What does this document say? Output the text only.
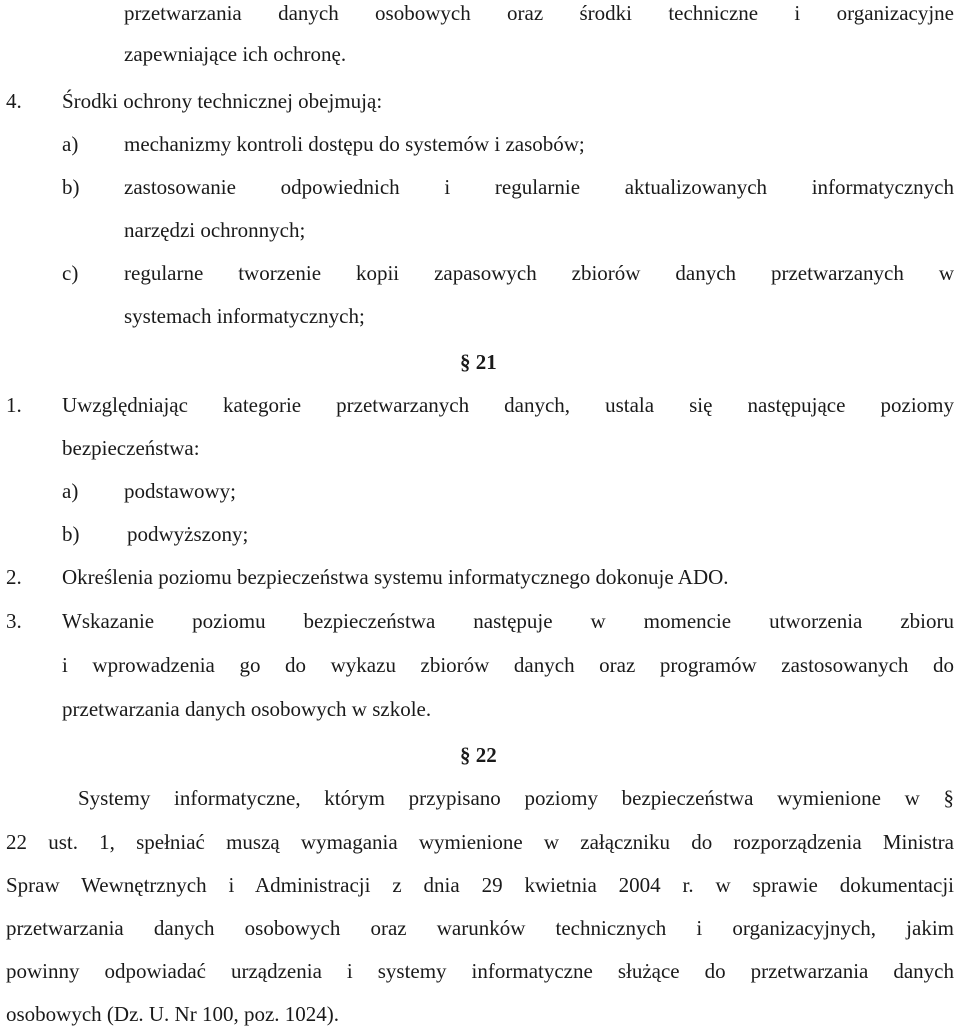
przetwarzania danych osobowych oraz środki techniczne i organizacyjne
zapewniające ich ochronę.
4. Środki ochrony technicznej obejmują:
a) mechanizmy kontroli dostępu do systemów i zasobów;
b) zastosowanie odpowiednich i regularnie aktualizowanych informatycznych
narzędzi ochronnych;
c) regularne tworzenie kopii zapasowych zbiorów danych przetwarzanych w
systemach informatycznych;
§ 21
1. Uwzględniając kategorie przetwarzanych danych, ustala się następujące poziomy
bezpieczeństwa:
a) podstawowy;
b) podwyższony;
2. Określenia poziomu bezpieczeństwa systemu informatycznego dokonuje ADO.
3. Wskazanie poziomu bezpieczeństwa następuje w momencie utworzenia zbioru
i wprowadzenia go do wykazu zbiorów danych oraz programów zastosowanych do
przetwarzania danych osobowych w szkole.
§ 22
Systemy informatyczne, którym przypisano poziomy bezpieczeństwa wymienione w §
22 ust. 1, spełniać muszą wymagania wymienione w załączniku do rozporządzenia Ministra
Spraw Wewnętrznych i Administracji z dnia 29 kwietnia 2004 r. w sprawie dokumentacji
przetwarzania danych osobowych oraz warunków technicznych i organizacyjnych, jakim
powinny odpowiadać urządzenia i systemy informatyczne służące do przetwarzania danych
osobowych (Dz. U. Nr 100, poz. 1024).
